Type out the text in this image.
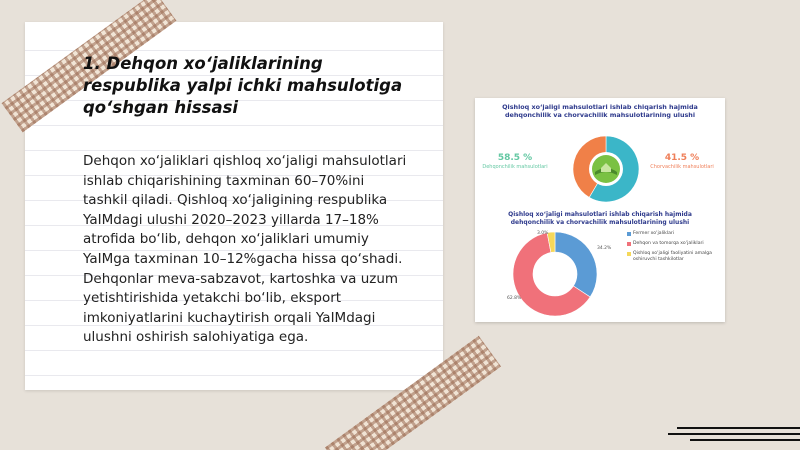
1. Dehqon xo‘jaliklarining respublika yalpi ichki mahsulotiga qo‘shgan hissasi
Dehqon xo‘jaliklari qishloq xo‘jaligi mahsulotlari ishlab chiqarishining taxminan 60–70%ini tashkil qiladi. Qishloq xo‘jaligining respublika YaIMdagi ulushi 2020–2023 yillarda 17–18% atrofida bo‘lib, dehqon xo‘jaliklari umumiy YaIMga taxminan 10–12%gacha hissa qo‘shadi. Dehqonlar meva-sabzavot, kartoshka va uzum yetishtirishida yetakchi bo‘lib, eksport imkoniyatlarini kuchaytirish orqali YaIMdagi ulushni oshirish salohiyatiga ega.
Qishloq xo‘jaligi mahsulotlari ishlab chiqarish hajmida dehqonchilik va chorvachilik mahsulotlarining ulushi
58.5 %
Dehqonchilik mahsulotlari
41.5 %
Chorvachilik mahsulotlari
Qishloq xo‘jaligi mahsulotlari ishlab chiqarish hajmida dehqonchilik va chorvachilik mahsulotlarining ulushi
34.2%
62.8%
3.0%	Fermer xo‘jaliklari
Dehqon va tomorqa xo‘jaliklari
Qishloq xo‘jaligi faoliyatini amalga oshiruvchi tashkilotlar
